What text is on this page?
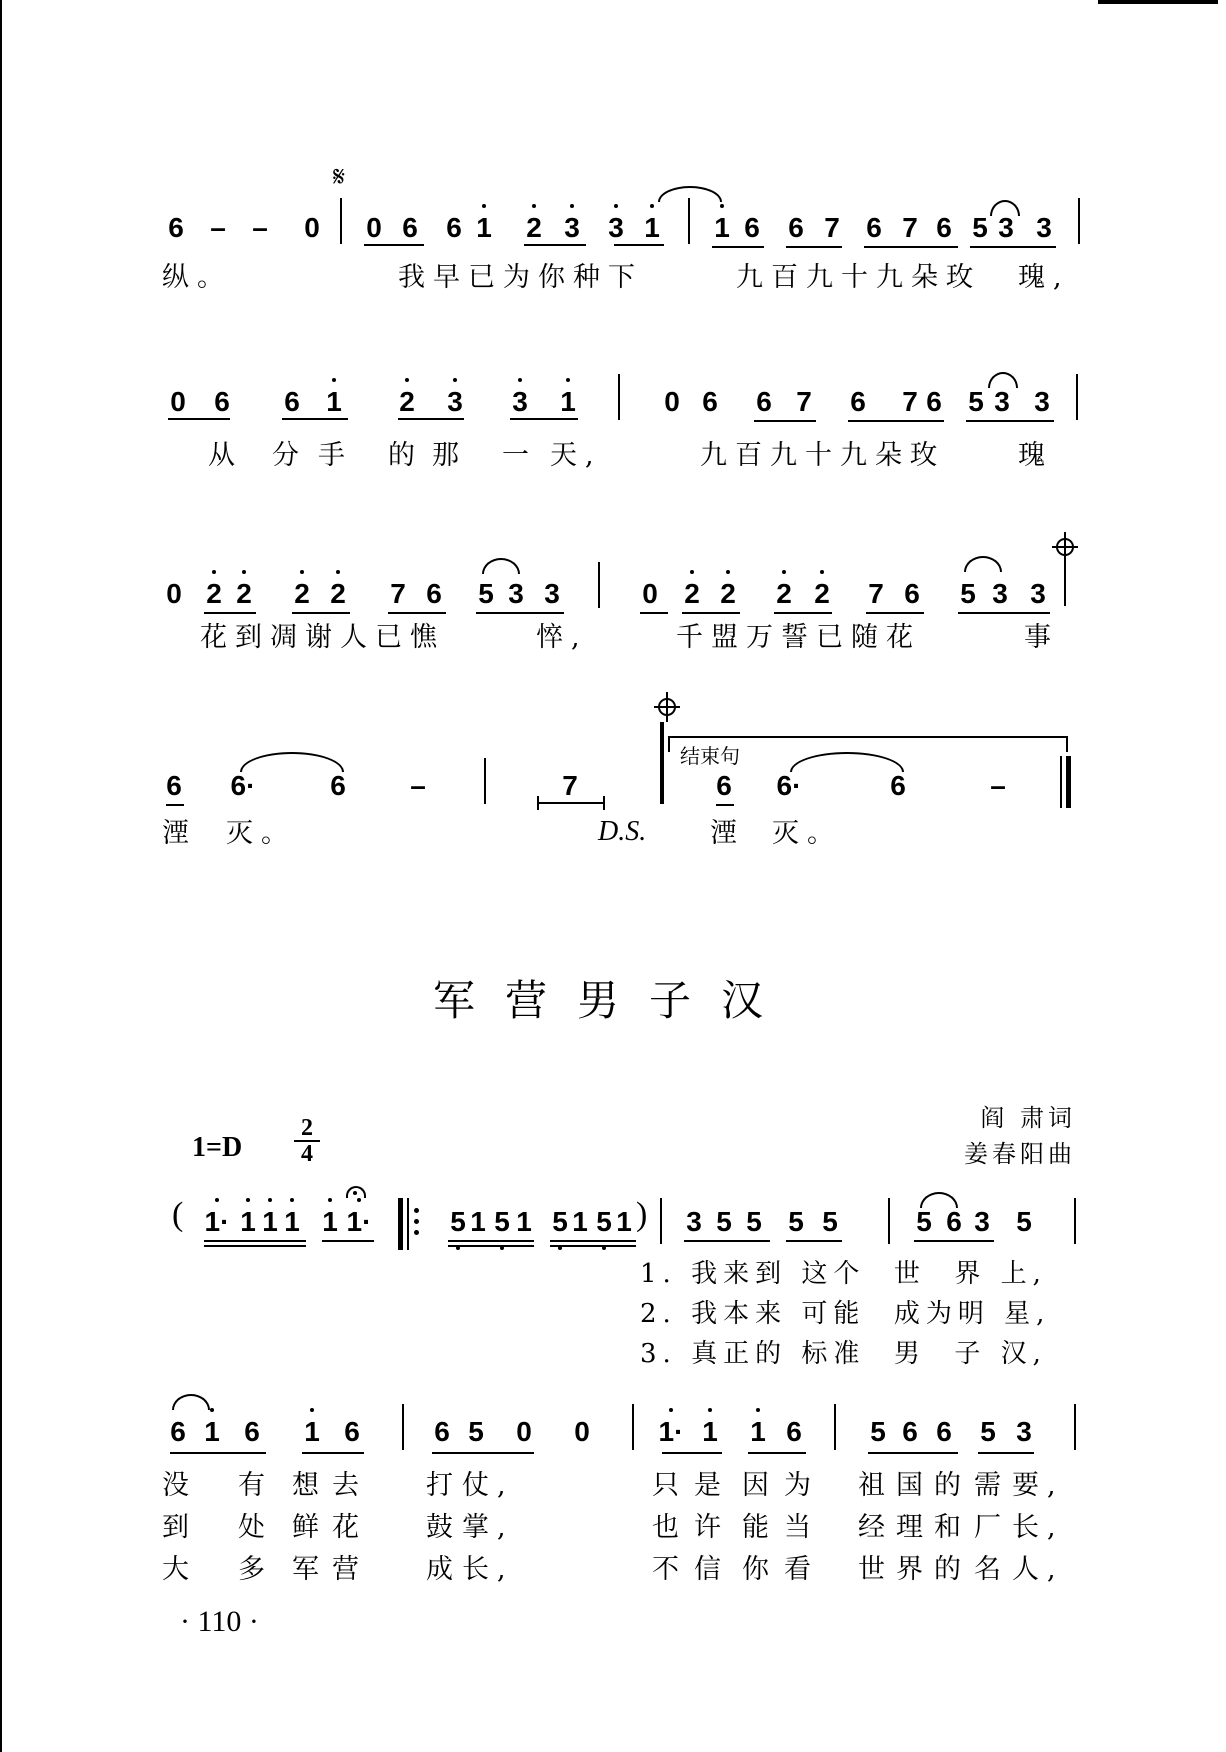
𝄋
6 – – 0 0 6 6 1 2 3 3 1 1 6 6 7 6 7 6 5 3 3
纵。	我早已为你种下	九百九十九朵玫 瑰,
0 6 6 1 2 3 3 1	0 6 6 7 6 7 6 5 3 3
从 分 手 的 那 一 天,	九百九十九朵玫	瑰
0 2 2 2 2 7 6 5 3 3	0 2 2 2 2 7 6 5 3 3
花到凋谢人已憔	悴,	千盟万誓已随花	事
6 6·	6 –	7
结束句
6 6·	6	–
湮 灭。	D.S. 湮 灭。
军营男子汉
阎 肃词
姜春阳曲
1=D
2
4
( 1· 1 1 1 1 1·	5 1 5 1 5 1 5 1 ) 3 5 5 5 5	5 6 3 5
1. 我来到 这个  世  界 上,
2. 我本来 可能  成为明 星,
3. 真正的 标准  男  子 汉,
6 1 6 1 6	6 5 0 0 1· 1 1 6 5 6 6 5 3
没 有 想 去 打 仗,	只 是 因 为 祖 国 的 需 要,
到 处 鲜 花 鼓 掌,	也 许 能 当 经 理 和 厂 长,
大 多 军 营 成 长,	不 信 你 看 世 界 的 名 人,
· 110 ·
